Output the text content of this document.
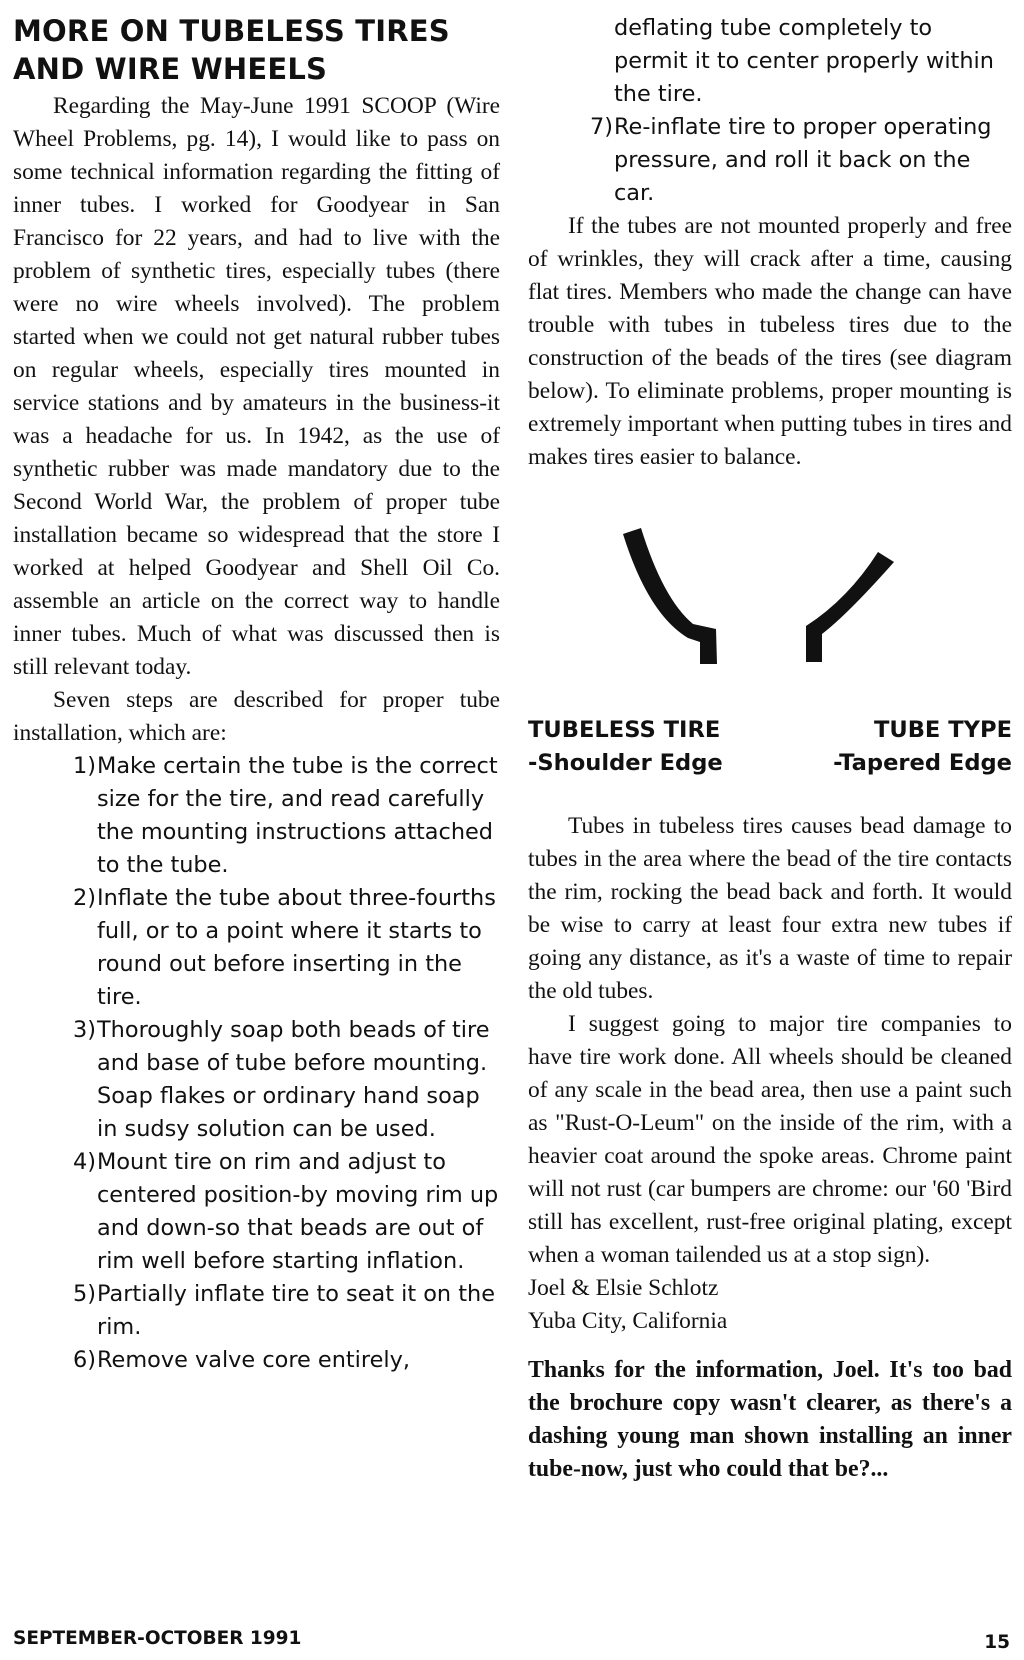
MORE ON TUBELESS TIRES
AND WIRE WHEELS

Regarding the May-June 1991 SCOOP (Wire Wheel Problems, pg. 14), I would like to pass on some technical information regarding the fitting of inner tubes. I worked for Goodyear in San Francisco for 22 years, and had to live with the problem of synthetic tires, especially tubes (there were no wire wheels involved). The problem started when we could not get natural rubber tubes on regular wheels, especially tires mounted in service stations and by amateurs in the business-it was a headache for us. In 1942, as the use of synthetic rubber was made mandatory due to the Second World War, the problem of proper tube installation became so widespread that the store I worked at helped Goodyear and Shell Oil Co. assemble an article on the correct way to handle inner tubes. Much of what was discussed then is still relevant today.

Seven steps are described for proper tube installation, which are:

1) Make certain the tube is the correct size for the tire, and read carefully the mounting instructions attached to the tube.

2) Inflate the tube about three-fourths full, or to a point where it starts to round out before inserting in the tire.

3) Thoroughly soap both beads of tire and base of tube before mounting. Soap flakes or ordinary hand soap in sudsy solution can be used.

4) Mount tire on rim and adjust to centered position-by moving rim up and down-so that beads are out of rim well before starting inflation.

5) Partially inflate tire to seat it on the rim.

6) Remove valve core entirely,

deflating tube completely to permit it to center properly within the tire.

7) Re-inflate tire to proper operating pressure, and roll it back on the car.

If the tubes are not mounted properly and free of wrinkles, they will crack after a time, causing flat tires. Members who made the change can have trouble with tubes in tubeless tires due to the construction of the beads of the tires (see diagram below). To eliminate problems, proper mounting is extremely important when putting tubes in tires and makes tires easier to balance.

TUBELESS TIRE
-Shoulder Edge
TUBE TYPE
-Tapered Edge

Tubes in tubeless tires causes bead damage to tubes in the area where the bead of the tire contacts the rim, rocking the bead back and forth. It would be wise to carry at least four extra new tubes if going any distance, as it's a waste of time to repair the old tubes.

I suggest going to major tire companies to have tire work done. All wheels should be cleaned of any scale in the bead area, then use a paint such as "Rust-O-Leum" on the inside of the rim, with a heavier coat around the spoke areas. Chrome paint will not rust (car bumpers are chrome: our '60 'Bird still has excellent, rust-free original plating, except when a woman tailended us at a stop sign).

Joel & Elsie Schlotz

Yuba City, California

Thanks for the information, Joel. It's too bad the brochure copy wasn't clearer, as there's a dashing young man shown installing an inner tube-now, just who could that be?...

SEPTEMBER-OCTOBER 1991	15
